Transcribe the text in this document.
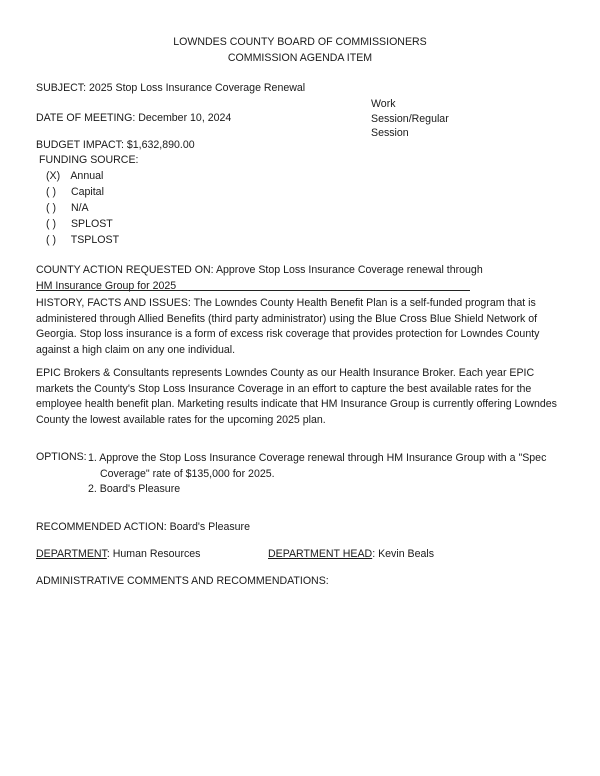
LOWNDES COUNTY BOARD OF COMMISSIONERS
COMMISSION AGENDA ITEM
SUBJECT: 2025 Stop Loss Insurance Coverage Renewal
Work
Session/Regular
Session
DATE OF MEETING: December 10, 2024
BUDGET IMPACT: $1,632,890.00
FUNDING SOURCE:
(X) Annual
( ) Capital
( ) N/A
( ) SPLOST
( ) TSPLOST
COUNTY ACTION REQUESTED ON: Approve Stop Loss Insurance Coverage renewal through
HM Insurance Group for 2025
HISTORY, FACTS AND ISSUES: The Lowndes County Health Benefit Plan is a self-funded program that is administered through Allied Benefits (third party administrator) using the Blue Cross Blue Shield Network of Georgia. Stop loss insurance is a form of excess risk coverage that provides protection for Lowndes County against a high claim on any one individual.
EPIC Brokers & Consultants represents Lowndes County as our Health Insurance Broker. Each year EPIC markets the County's Stop Loss Insurance Coverage in an effort to capture the best available rates for the employee health benefit plan. Marketing results indicate that HM Insurance Group is currently offering Lowndes County the lowest available rates for the upcoming 2025 plan.
OPTIONS: 1. Approve the Stop Loss Insurance Coverage renewal through HM Insurance Group with a "Spec
Coverage" rate of $135,000 for 2025.
2. Board's Pleasure
RECOMMENDED ACTION: Board's Pleasure
DEPARTMENT: Human Resources	DEPARTMENT HEAD: Kevin Beals
ADMINISTRATIVE COMMENTS AND RECOMMENDATIONS:
